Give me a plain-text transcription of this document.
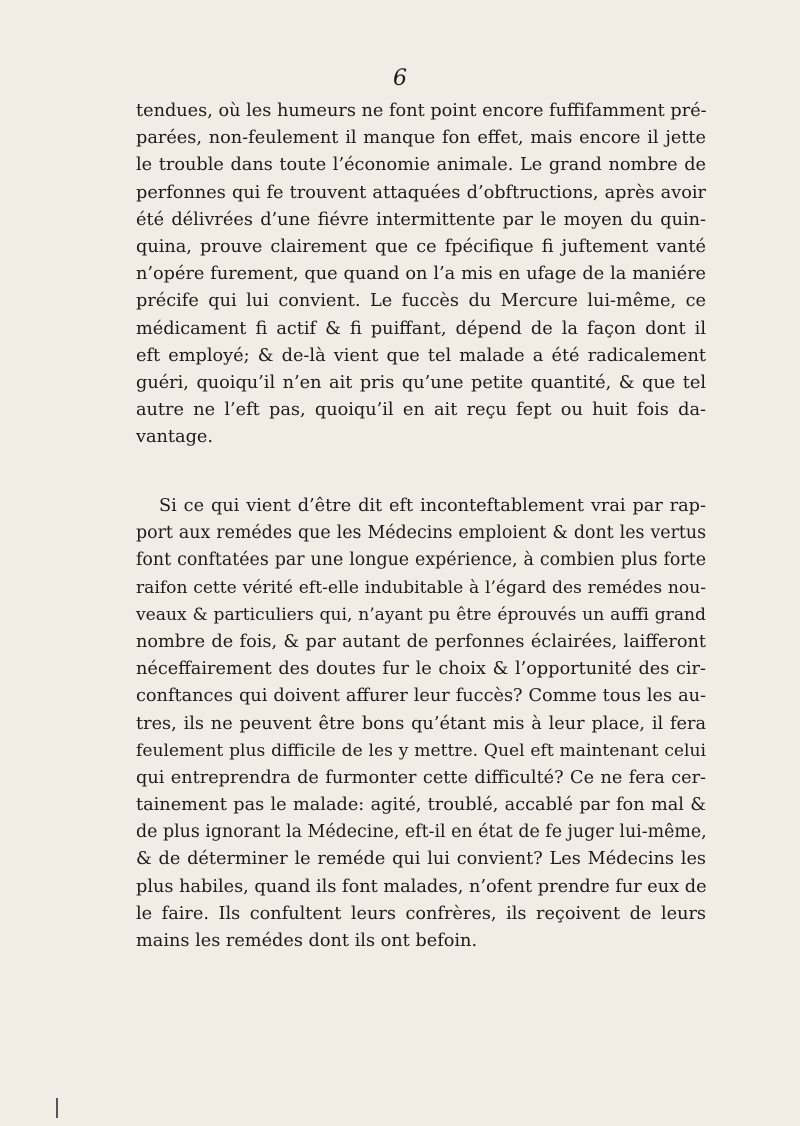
6
tendues, où les humeurs ne font point encore fuffifamment pré-
parées, non-feulement il manque fon effet, mais encore il jette
le trouble dans toute l’économie animale. Le grand nombre de
perfonnes qui fe trouvent attaquées d’obftructions, après avoir
été délivrées d’une fiévre intermittente par le moyen du quin-
quina, prouve clairement que ce fpécifique fi juftement vanté
n’opére furement, que quand on l’a mis en ufage de la maniére
précife qui lui convient. Le fuccès du Mercure lui-même, ce
médicament fi actif & fi puiffant, dépend de la façon dont il
eft employé; & de-là vient que tel malade a été radicalement
guéri, quoiqu’il n’en ait pris qu’une petite quantité, & que tel
autre ne l’eft pas, quoiqu’il en ait reçu fept ou huit fois da-
vantage.
Si ce qui vient d’être dit eft inconteftablement vrai par rap-
port aux remédes que les Médecins emploient & dont les vertus
font conftatées par une longue expérience, à combien plus forte
raifon cette vérité eft-elle indubitable à l’égard des remédes nou-
veaux & particuliers qui, n’ayant pu être éprouvés un auffi grand
nombre de fois, & par autant de perfonnes éclairées, laifferont
néceffairement des doutes fur le choix & l’opportunité des cir-
conftances qui doivent affurer leur fuccès? Comme tous les au-
tres, ils ne peuvent être bons qu’étant mis à leur place, il fera
feulement plus difficile de les y mettre. Quel eft maintenant celui
qui entreprendra de furmonter cette difficulté? Ce ne fera cer-
tainement pas le malade: agité, troublé, accablé par fon mal &
de plus ignorant la Médecine, eft-il en état de fe juger lui-même,
& de déterminer le reméde qui lui convient? Les Médecins les
plus habiles, quand ils font malades, n’ofent prendre fur eux de
le faire. Ils confultent leurs confrères, ils reçoivent de leurs
mains les remédes dont ils ont befoin.
